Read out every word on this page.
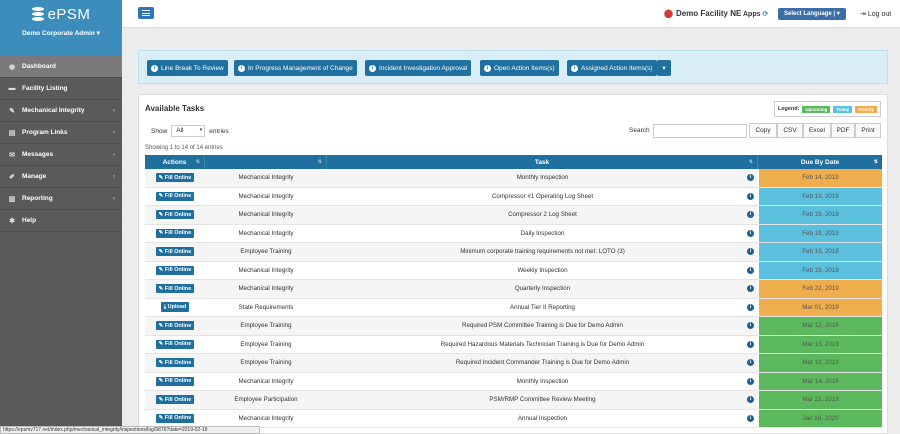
ePSM
Demo Corporate Admin ▾
◉ Dashboard
▬ Facility Listing
✎ Mechanical Integrity	‹
▤ Program Links	‹
✉ Messages	‹
✐ Manage	‹
▥ Reporting	‹
✱ Help
⬤ Demo Facility NE Apps ⟳	Select Language | ▾	⇥ Log out
i Line Break To Review	i In Progress Management of Change	i Incident Investigation Approval	i Open Action Items(s)	i Assigned Action Items(s) ▾
Available Tasks	Legend:	Upcoming	Today	Priority
Show	All ▾	entries	Search	Copy	CSV	Excel	PDF	Print
Showing 1 to 14 of 14 entries
Actions ⇅	⇅	Task	⇅	Due By Date	⇅
✎ Fill Online	Mechanical Integrity	Monthly Inspection	i	Feb 14, 2019
✎ Fill Online	Mechanical Integrity	Compressor #1 Operating Log Sheet	i	Feb 19, 2019
✎ Fill Online	Mechanical Integrity	Compressor 2 Log Sheet	i	Feb 19, 2019
✎ Fill Online	Mechanical Integrity	Daily Inspection	i	Feb 19, 2019
✎ Fill Online	Employee Training	Minimum corporate training requirements not met: LOTO (3)	i	Feb 19, 2019
✎ Fill Online	Mechanical Integrity	Weekly Inspection	i	Feb 19, 2019
✎ Fill Online	Mechanical Integrity	Quarterly Inspection	i	Feb 22, 2019
⤓ Upload	State Requirements	Annual Tier II Reporting	i	Mar 01, 2019
✎ Fill Online	Employee Training	Required PSM Committee Training is Due for Demo Admin	i	Mar 12, 2019
✎ Fill Online	Employee Training	Required Hazardous Materials Technician Training is Due for Demo Admin	i	Mar 13, 2019
✎ Fill Online	Employee Training	Required Incident Commander Training is Due for Demo Admin	i	Mar 13, 2019
✎ Fill Online	Mechanical Integrity	Monthly Inspection	i	Mar 14, 2019
✎ Fill Online	Employee Participation	PSM/RMP Committee Review Meeting	i	Mar 22, 2019
✎ Fill Online	Mechanical Integrity	Annual Inspection	i	Jan 16, 2020
https://epsmv717.net/index.php/mechanical_integrity/inspections/log/9876?date=2019-02-19
